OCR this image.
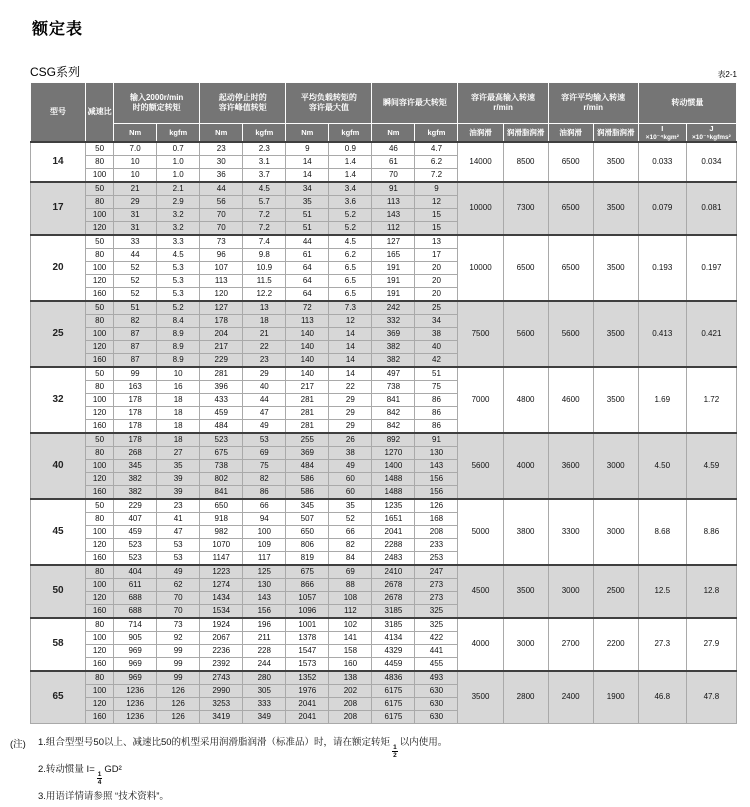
额定表
CSG系列	表2-1
型号	减速比

输入2000r/min
时的额定转矩

起动停止时的
容许峰值转矩

平均负载转矩的
容许最大值

瞬间容许最大转矩

容许最高输入转速
r/min

容许平均输入转速
r/min

转动惯量

Nm	kgfm	Nm	kgfm	Nm	kgfm	Nm	kgfm	油润滑	润滑脂润滑	油润滑	润滑脂润滑	I
×10⁻⁴kgm²

J
×10⁻⁵kgfms²

14	50	7.0	0.7	23	2.3	9	0.9	46	4.7	14000	8500	6500	3500	0.033	0.034

	80	10	1.0	30	3.1	14	1.4	61	6.2						

	100	10	1.0	36	3.7	14	1.4	70	7.2						

17	50	21	2.1	44	4.5	34	3.4	91	9	10000	7300	6500	3500	0.079	0.081

	80	29	2.9	56	5.7	35	3.6	113	12						

	100	31	3.2	70	7.2	51	5.2	143	15						

	120	31	3.2	70	7.2	51	5.2	112	15						

20	50	33	3.3	73	7.4	44	4.5	127	13	10000	6500	6500	3500	0.193	0.197

	80	44	4.5	96	9.8	61	6.2	165	17						

	100	52	5.3	107	10.9	64	6.5	191	20						

	120	52	5.3	113	11.5	64	6.5	191	20						

	160	52	5.3	120	12.2	64	6.5	191	20						

25	50	51	5.2	127	13	72	7.3	242	25	7500	5600	5600	3500	0.413	0.421

	80	82	8.4	178	18	113	12	332	34						

	100	87	8.9	204	21	140	14	369	38						

	120	87	8.9	217	22	140	14	382	40						

	160	87	8.9	229	23	140	14	382	42						

32	50	99	10	281	29	140	14	497	51	7000	4800	4600	3500	1.69	1.72

	80	163	16	396	40	217	22	738	75						

	100	178	18	433	44	281	29	841	86						

	120	178	18	459	47	281	29	842	86						

	160	178	18	484	49	281	29	842	86						

40	50	178	18	523	53	255	26	892	91	5600	4000	3600	3000	4.50	4.59

	80	268	27	675	69	369	38	1270	130						

	100	345	35	738	75	484	49	1400	143						

	120	382	39	802	82	586	60	1488	156						

	160	382	39	841	86	586	60	1488	156						

45	50	229	23	650	66	345	35	1235	126	5000	3800	3300	3000	8.68	8.86

	80	407	41	918	94	507	52	1651	168						

	100	459	47	982	100	650	66	2041	208						

	120	523	53	1070	109	806	82	2288	233						

	160	523	53	1147	117	819	84	2483	253						

50	80	404	49	1223	125	675	69	2410	247	4500	3500	3000	2500	12.5	12.8

	100	611	62	1274	130	866	88	2678	273						

	120	688	70	1434	143	1057	108	2678	273						

	160	688	70	1534	156	1096	112	3185	325						

58	80	714	73	1924	196	1001	102	3185	325	4000	3000	2700	2200	27.3	27.9

	100	905	92	2067	211	1378	141	4134	422						

	120	969	99	2236	228	1547	158	4329	441						

	160	969	99	2392	244	1573	160	4459	455						

65	80	969	99	2743	280	1352	138	4836	493	3500	2800	2400	1900	46.8	47.8

	100	1236	126	2990	305	1976	202	6175	630						

	120	1236	126	3253	333	2041	208	6175	630						

	160	1236	126	3419	349	2041	208	6175	630						
(注)	1.组合型型号50以上、减速比50的机型采用润滑脂润滑（标准品）时，请在额定转矩
$\frac{1}{2}$
以内使用。
2.转动惯量 I=
$\frac{1}{4}$
GD²
3.用语详情请参照 “技术资料”。
